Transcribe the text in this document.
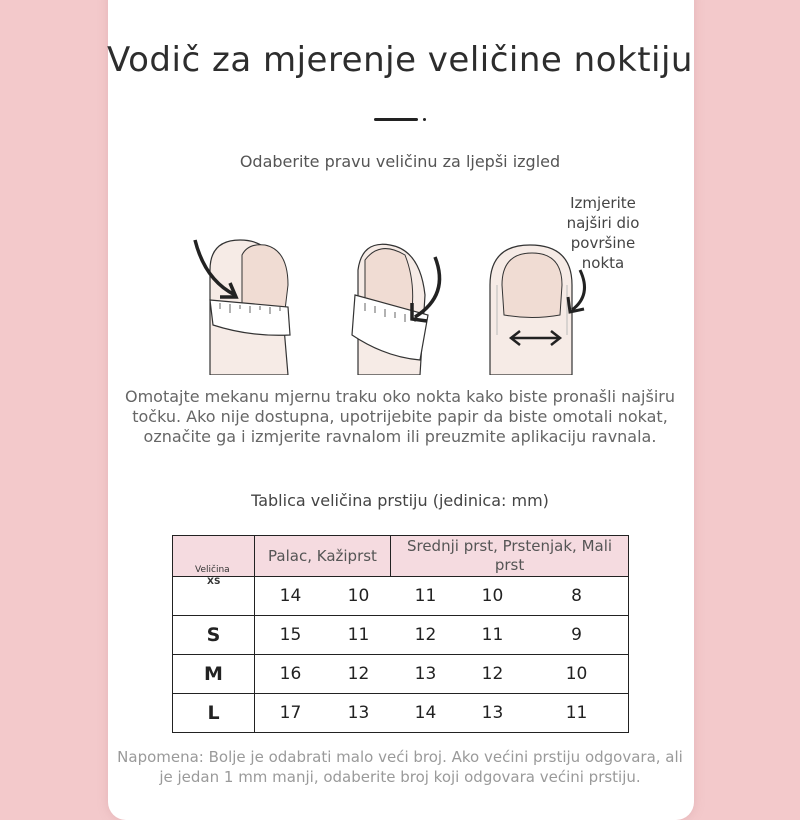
Vodič za mjerenje veličine noktiju
Odaberite pravu veličinu za ljepši izgled
Izmjerite najširi dio površine nokta
Omotajte mekanu mjernu traku oko nokta kako biste pronašli najširu točku. Ako nije dostupna, upotrijebite papir da biste omotali nokat, označite ga i izmjerite ravnalom ili preuzmite aplikaciju ravnala.
Tablica veličina prstiju (jedinica: mm)
Veličina	Palac, Kažiprst		Srednji prst, Prstenjak, Mali prst		

XS	14	10	11	10	8
S	15	11	12	11	9
M	16	12	13	12	10
L	17	13	14	13	11
Napomena: Bolje je odabrati malo veći broj. Ako većini prstiju odgovara, ali je jedan 1 mm manji, odaberite broj koji odgovara većini prstiju.
